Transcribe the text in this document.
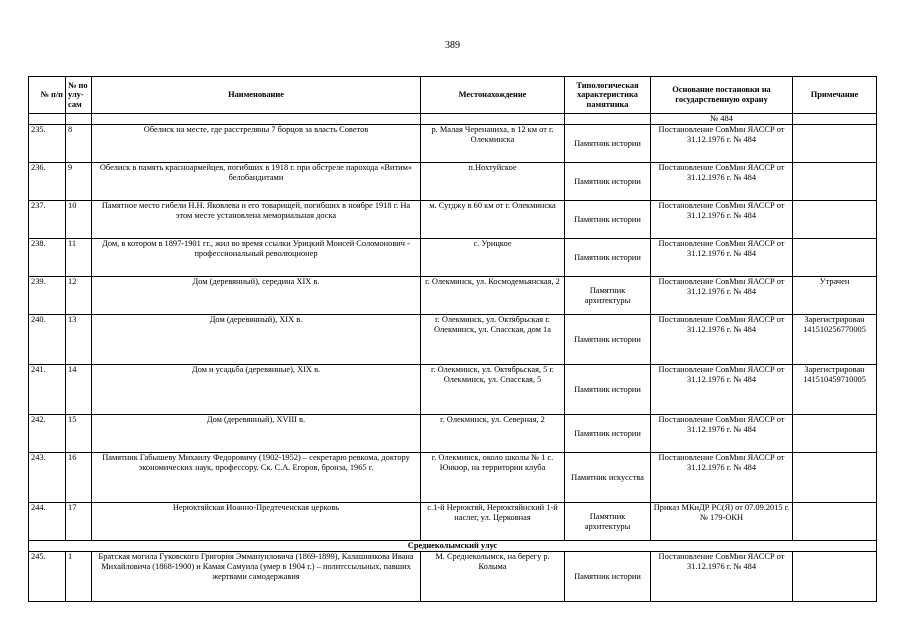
389
№ п/п	№ по улу-сам	Наименование	Местонахождение	Типологическая характеристика памятника	Основание постановки на государственную охрану	Примечание
					№ 484	
235.	8	Обелиск на месте, где расстреляны 7 борцов за власть Советов	р. Малая Черенаниха, в 12 км от г. Олекминска	Памятник истории	Постановление СовМин ЯАССР от 31.12.1976 г. № 484	
236.	9	Обелиск в память красноармейцев, погибших в 1918 г. при обстреле парохода «Витим» белобандитами	п.Нохтуйское	Памятник истории	Постановление СовМин ЯАССР от 31.12.1976 г. № 484	
237.	10	Памятное место гибели Н.Н. Яковлева и его товарищей, погибших в ноябре 1918 г. На этом месте установлена мемориальная доска	м. Сугджу в 60 км от г. Олекминска	Памятник истории	Постановление СовМин ЯАССР от 31.12.1976 г. № 484	
238.	11	Дом, в котором в 1897-1901 гг., жил во время ссылки Урицкий Моисей Соломонович - профессиональный революционер	с. Урицкое	Памятник истории	Постановление СовМин ЯАССР от 31.12.1976 г. № 484	
239.	12	Дом (деревянный), середина XIX в.	г. Олекминск, ул. Космодемьянская, 2	Памятник архитектуры	Постановление СовМин ЯАССР от 31.12.1976 г. № 484	Утрачен
240.	13	Дом (деревянный), XIX в.	г. Олекминск, ул. Октябрьская г. Олекминск, ул. Спасская, дом 1а	Памятник истории	Постановление СовМин ЯАССР от 31.12.1976 г. № 484	Зарегистрирован 141510256770005
241.	14	Дом и усадьба (деревянные), XIX в.	г. Олекминск, ул. Октябрьская, 5 г. Олекминск, ул. Спасская, 5	Памятник истории	Постановление СовМин ЯАССР от 31.12.1976 г. № 484	Зарегистрирован 141510459710005
242.	15	Дом (деревянный), XVIII в.	г. Олекминск, ул. Северная, 2	Памятник истории	Постановление СовМин ЯАССР от 31.12.1976 г. № 484	
243.	16	Памятник Габышеву Михаилу Федоровичу (1902-1952) – секретарю ревкома, доктору экономических наук, профессору. Ск. С.А. Егоров, бронза, 1965 г.	г. Олекминск, около школы № 1 с. Юнкюр, на территории клуба	Памятник искусства	Постановление СовМин ЯАССР от 31.12.1976 г. № 484	
244.	17	Нерюктяйская Иоанно-Предтеченская церковь	с.1-й Нерюктяй, Нерюктяйнский 1-й наслег, ул. Церковная	Памятник архитектуры	Приказ МКиДР РС(Я) от 07.09.2015 г. № 179-ОКН	
Среднеколымский улус						
245.	1	Братская могила Гуковского Григория Эммануиловича (1869-1899), Калашникова Ивана Михайловича (1868-1900) и Камая Самуила (умер в 1904 г.) – политссыльных, павших жертвами самодержавия	М. Среднеколымск, на берегу р. Колыма	Памятник истории	Постановление СовМин ЯАССР от 31.12.1976 г. № 484	
